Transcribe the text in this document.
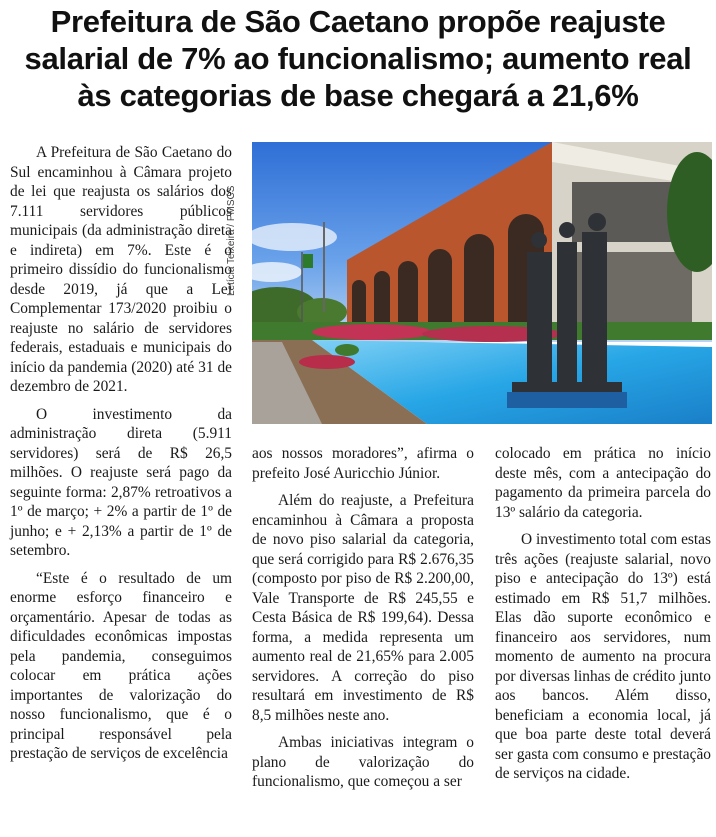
Prefeitura de São Caetano propõe reajuste salarial de 7% ao funcionalismo; aumento real às categorias de base chegará a 21,6%

A Prefeitura de São Caetano do Sul encaminhou à Câmara projeto de lei que reajusta os salários dos 7.111 servidores públicos municipais (da administração direta e indireta) em 7%. Este é o primeiro dissídio do funcionalismo desde 2019, já que a Lei Complementar 173/2020 proibiu o reajuste no salário de servidores federais, estaduais e municipais do início da pandemia (2020) até 31 de dezembro de 2021.

O investimento da administração direta (5.911 servidores) será de R$ 26,5 milhões. O reajuste será pago da seguinte forma: 2,87% retroativos a 1º de março; + 2% a partir de 1º de junho; e + 2,13% a partir de 1º de setembro.

“Este é o resultado de um enorme esforço financeiro e orçamentário. Apesar de todas as dificuldades econômicas impostas pela pandemia, conseguimos colocar em prática ações importantes de valorização do nosso funcionalismo, que é o principal responsável pela prestação de serviços de excelência

Letícia Teixeira / PMSCS

aos nossos moradores”, afirma o prefeito José Auricchio Júnior.

Além do reajuste, a Prefeitura encaminhou à Câmara a proposta de novo piso salarial da categoria, que será corrigido para R$ 2.676,35 (composto por piso de R$ 2.200,00, Vale Transporte de R$ 245,55 e Cesta Básica de R$ 199,64). Dessa forma, a medida representa um aumento real de 21,65% para 2.005 servidores. A correção do piso resultará em investimento de R$ 8,5 milhões neste ano.

Ambas iniciativas integram o plano de valorização do funcionalismo, que começou a ser

colocado em prática no início deste mês, com a antecipação do pagamento da primeira parcela do 13º salário da categoria.

O investimento total com estas três ações (reajuste salarial, novo piso e antecipação do 13º) está estimado em R$ 51,7 milhões. Elas dão suporte econômico e financeiro aos servidores, num momento de aumento na procura por diversas linhas de crédito junto aos bancos. Além disso, beneficiam a economia local, já que boa parte deste total deverá ser gasta com consumo e prestação de serviços na cidade.
